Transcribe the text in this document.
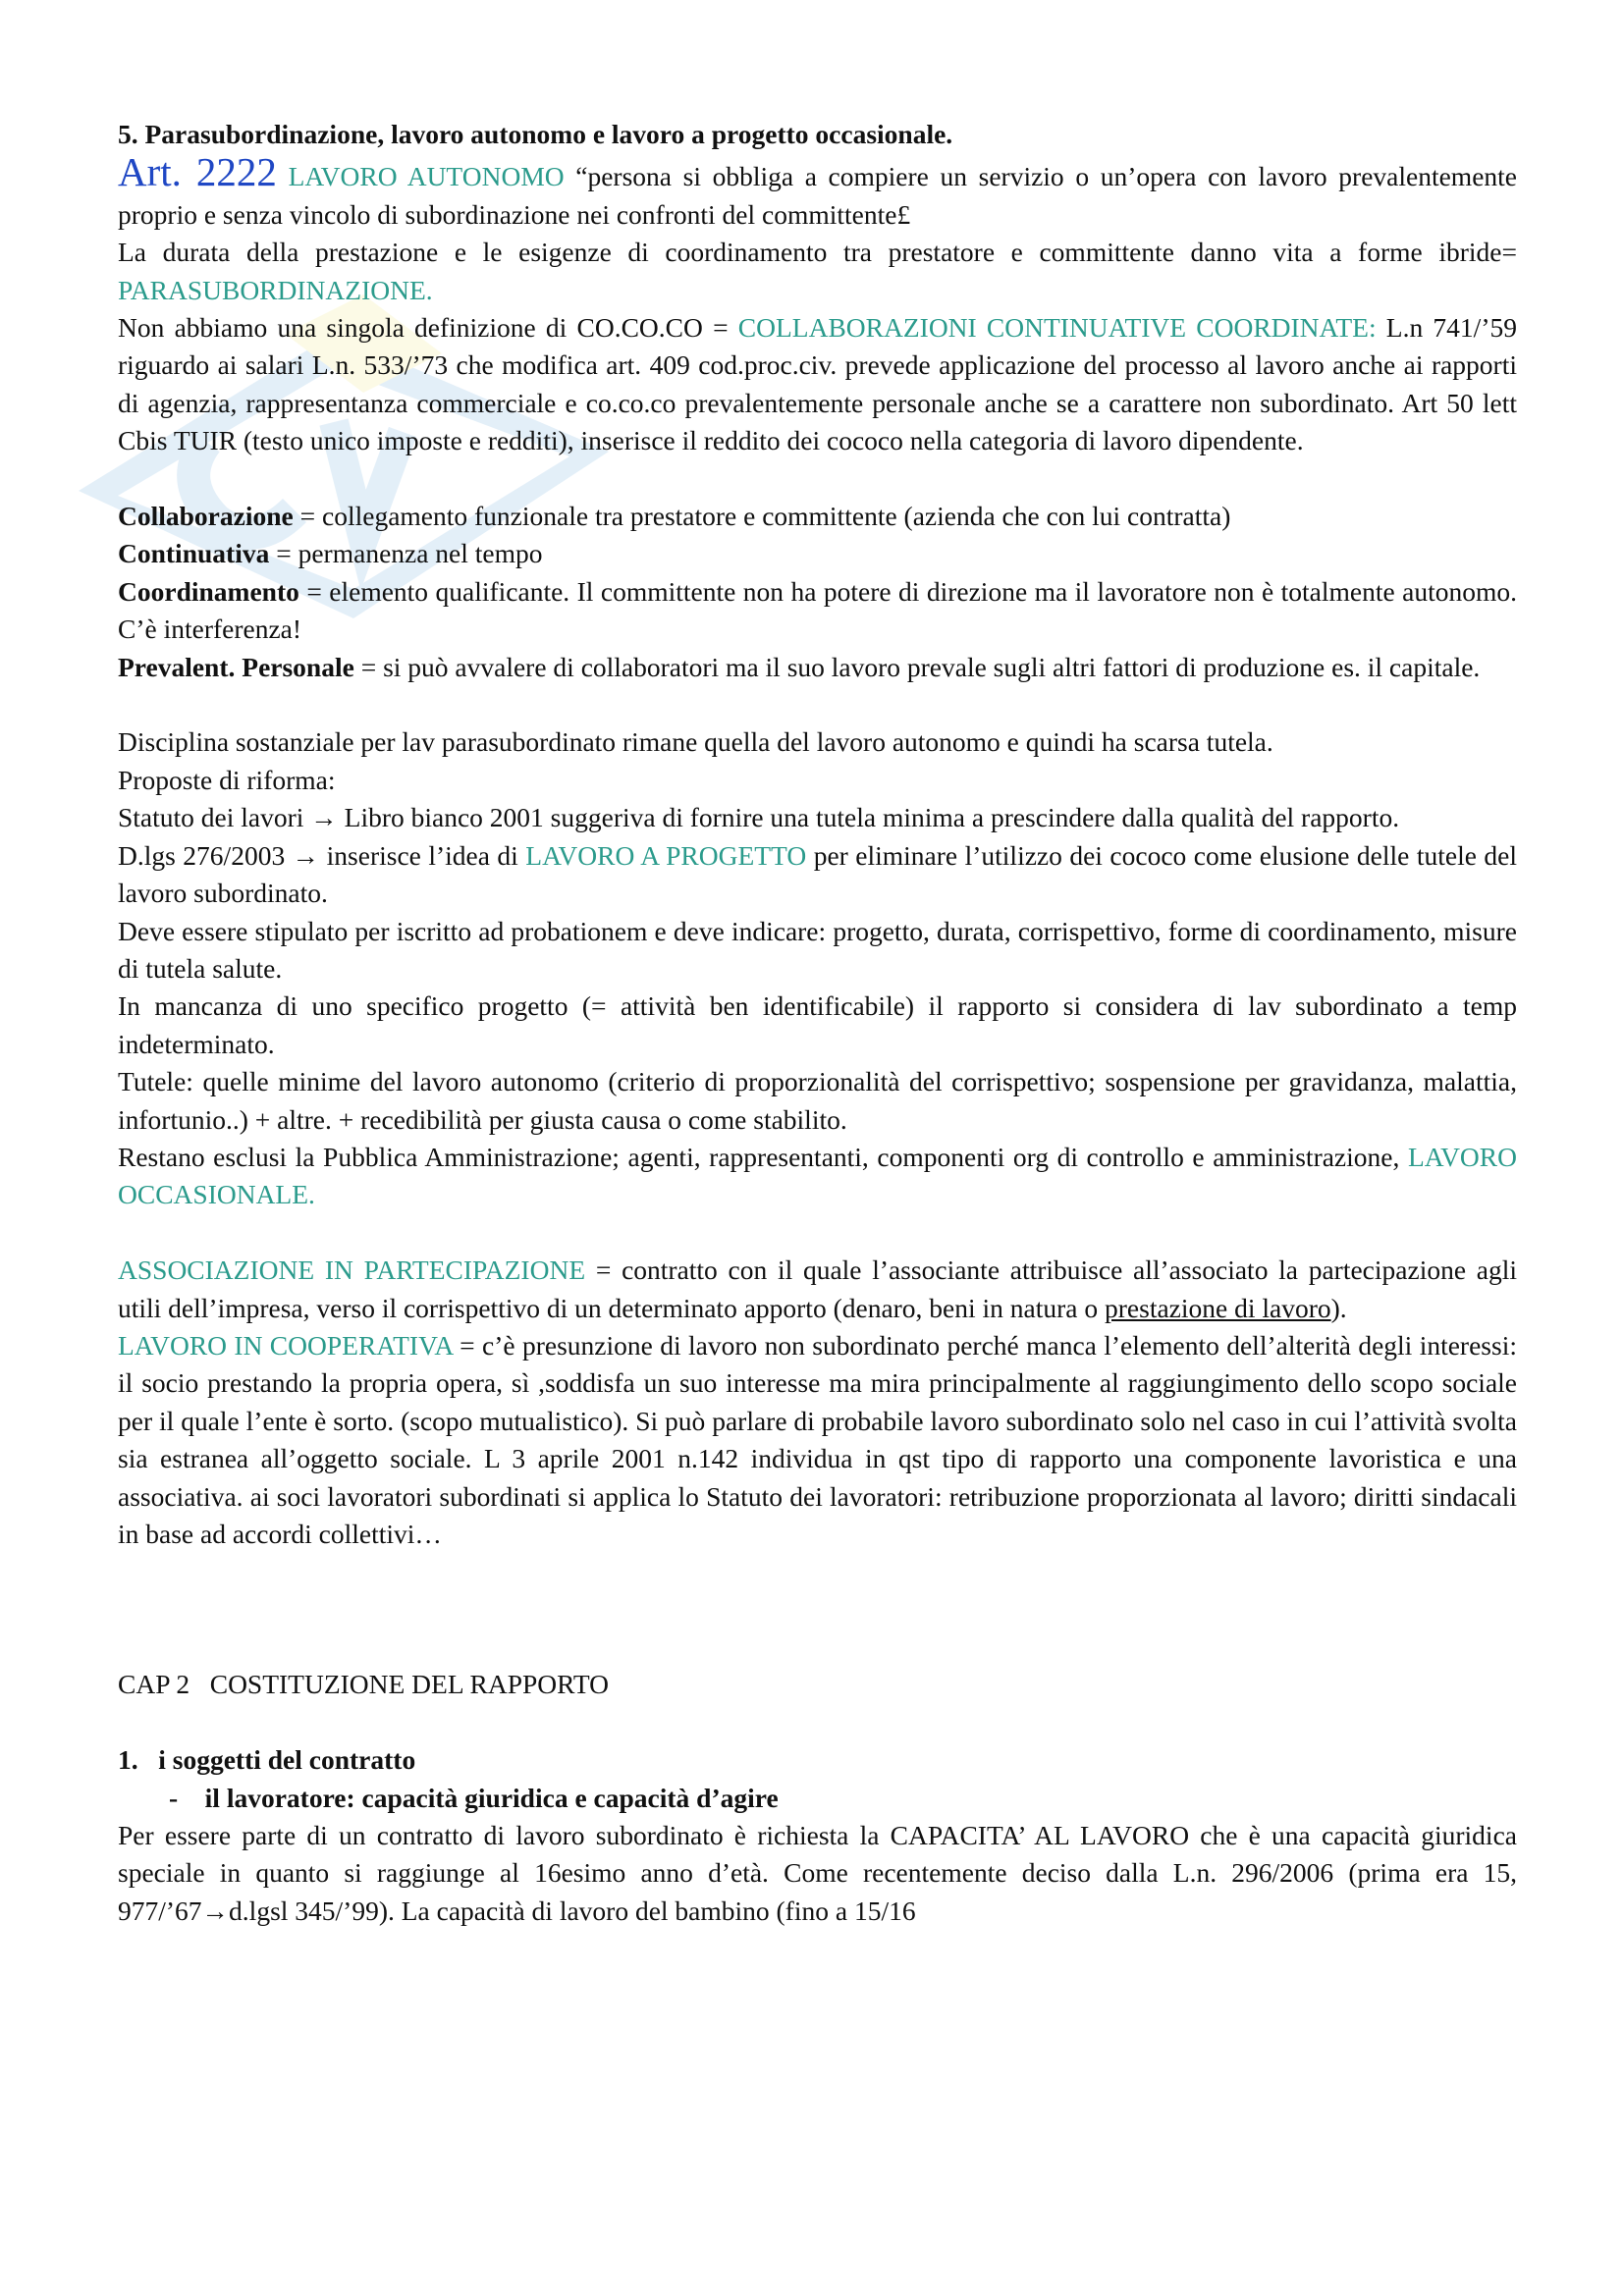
5. Parasubordinazione, lavoro autonomo e lavoro a progetto occasionale.

Art. 2222 LAVORO AUTONOMO “persona si obbliga a compiere un servizio o un’opera con lavoro prevalentemente proprio e senza vincolo di subordinazione nei confronti del committente£

La durata della prestazione e le esigenze di coordinamento tra prestatore e committente danno vita a forme ibride= PARASUBORDINAZIONE.

Non abbiamo una singola definizione di CO.CO.CO = COLLABORAZIONI CONTINUATIVE COORDINATE: L.n 741/’59 riguardo ai salari L.n. 533/’73 che modifica art. 409 cod.proc.civ. prevede applicazione del processo al lavoro anche ai rapporti di agenzia, rappresentanza commerciale e co.co.co prevalentemente personale anche se a carattere non subordinato. Art 50 lett Cbis TUIR (testo unico imposte e redditi), inserisce il reddito dei cococo nella categoria di lavoro dipendente.

Collaborazione = collegamento funzionale tra prestatore e committente (azienda che con lui contratta)

Continuativa = permanenza nel tempo

Coordinamento = elemento qualificante. Il committente non ha potere di direzione ma il lavoratore non è totalmente autonomo. C’è interferenza!

Prevalent. Personale = si può avvalere di collaboratori ma il suo lavoro prevale sugli altri fattori di produzione es. il capitale.

Disciplina sostanziale per lav parasubordinato rimane quella del lavoro autonomo e quindi ha scarsa tutela.

Proposte di riforma:

Statuto dei lavori → Libro bianco 2001 suggeriva di fornire una tutela minima a prescindere dalla qualità del rapporto.

D.lgs 276/2003 → inserisce l’idea di LAVORO A PROGETTO per eliminare l’utilizzo dei cococo come elusione delle tutele del lavoro subordinato.

Deve essere stipulato per iscritto ad probationem e deve indicare: progetto, durata, corrispettivo, forme di coordinamento, misure di tutela salute.

In mancanza di uno specifico progetto (= attività ben identificabile) il rapporto si considera di lav subordinato a temp indeterminato.

Tutele: quelle minime del lavoro autonomo (criterio di proporzionalità del corrispettivo; sospensione per gravidanza, malattia, infortunio..) + altre. + recedibilità per giusta causa o come stabilito.

Restano esclusi la Pubblica Amministrazione; agenti, rappresentanti, componenti org di controllo e amministrazione, LAVORO OCCASIONALE.

ASSOCIAZIONE IN PARTECIPAZIONE = contratto con il quale l’associante attribuisce all’associato la partecipazione agli utili dell’impresa, verso il corrispettivo di un determinato apporto (denaro, beni in natura o prestazione di lavoro).

LAVORO IN COOPERATIVA = c’è presunzione di lavoro non subordinato perché manca l’elemento dell’alterità degli interessi: il socio prestando la propria opera, sì ,soddisfa un suo interesse ma mira principalmente al raggiungimento dello scopo sociale per il quale l’ente è sorto. (scopo mutualistico). Si può parlare di probabile lavoro subordinato solo nel caso in cui l’attività svolta sia estranea all’oggetto sociale. L 3 aprile 2001 n.142 individua in qst tipo di rapporto una componente lavoristica e una associativa. ai soci lavoratori subordinati si applica lo Statuto dei lavoratori: retribuzione proporzionata al lavoro; diritti sindacali in base ad accordi collettivi…

CAP 2   COSTITUZIONE DEL RAPPORTO

1.   i soggetti del contratto

-    il lavoratore: capacità giuridica e capacità d’agire

Per essere parte di un contratto di lavoro subordinato è richiesta la CAPACITA’ AL LAVORO che è una capacità giuridica speciale in quanto si raggiunge al 16esimo anno d’età. Come recentemente deciso dalla L.n. 296/2006 (prima era 15, 977/’67→d.lgsl 345/’99). La capacità di lavoro del bambino (fino a 15/16
